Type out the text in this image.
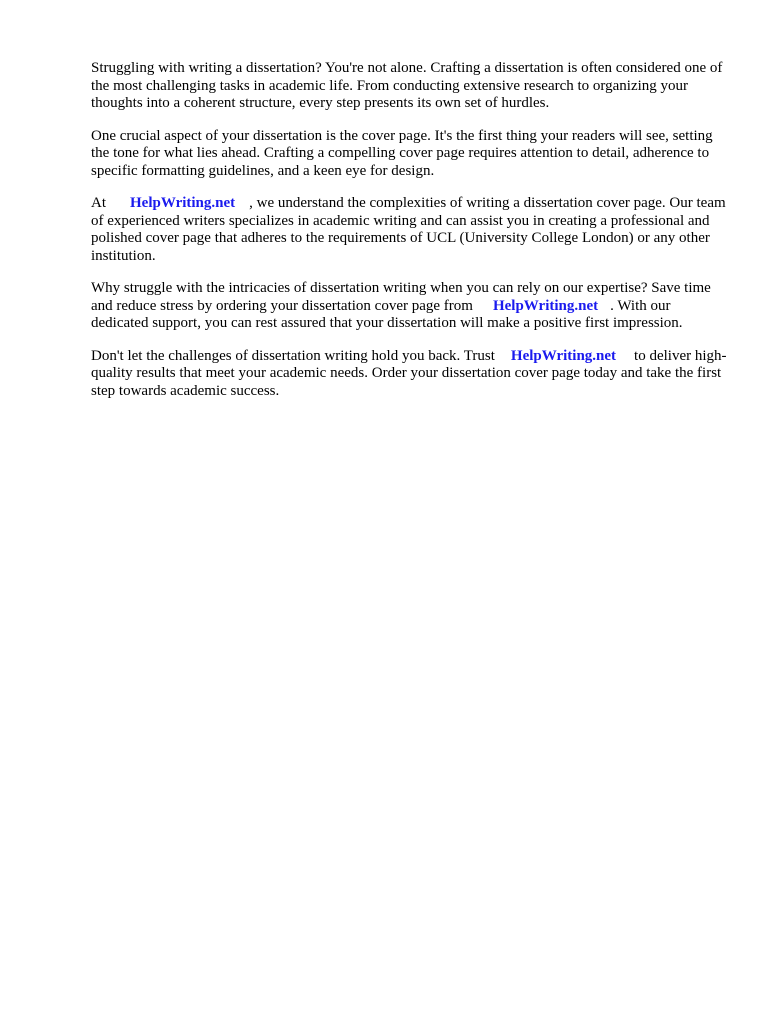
Struggling with writing a dissertation? You're not alone. Crafting a dissertation is often considered one of the most challenging tasks in academic life. From conducting extensive research to organizing your thoughts into a coherent structure, every step presents its own set of hurdles.

One crucial aspect of your dissertation is the cover page. It's the first thing your readers will see, setting the tone for what lies ahead. Crafting a compelling cover page requires attention to detail, adherence to specific formatting guidelines, and a keen eye for design.

At HelpWriting.net , we understand the complexities of writing a dissertation cover page. Our team of experienced writers specializes in academic writing and can assist you in creating a professional and polished cover page that adheres to the requirements of UCL (University College London) or any other institution.

Why struggle with the intricacies of dissertation writing when you can rely on our expertise? Save time and reduce stress by ordering your dissertation cover page from HelpWriting.net . With our dedicated support, you can rest assured that your dissertation will make a positive first impression.

Don't let the challenges of dissertation writing hold you back. Trust HelpWriting.net to deliver high-quality results that meet your academic needs. Order your dissertation cover page today and take the first step towards academic success.
